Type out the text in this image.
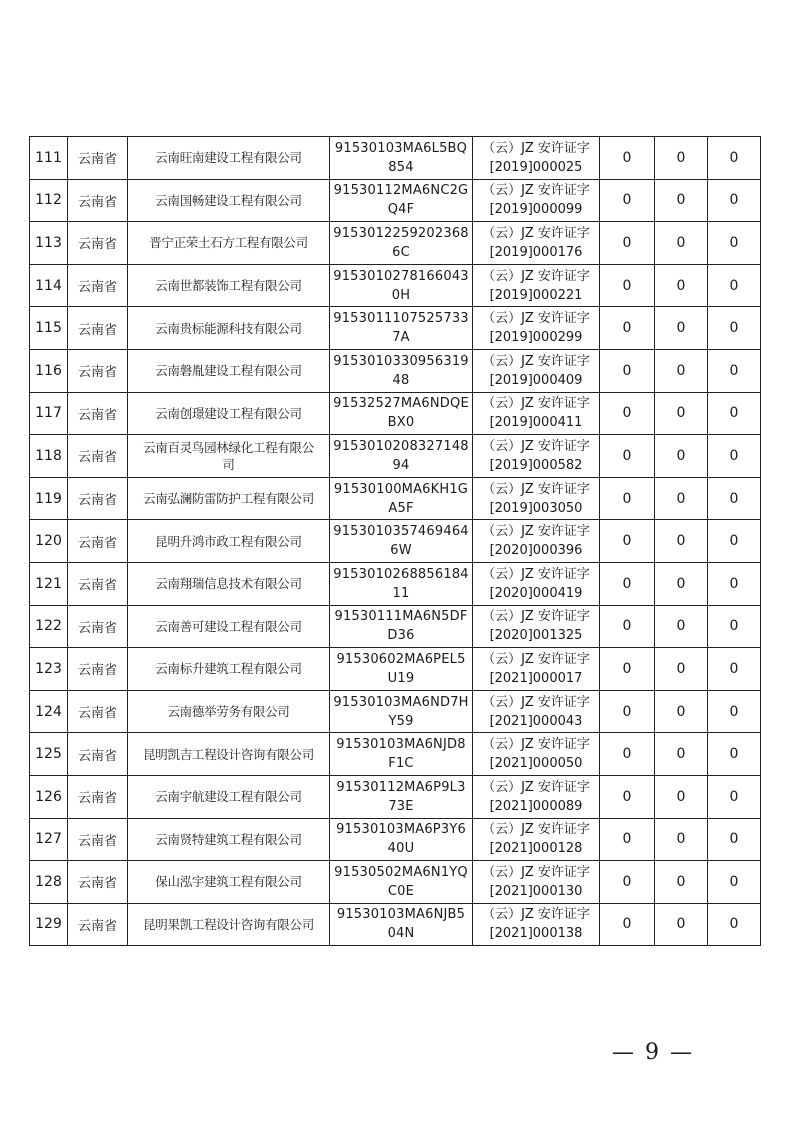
111	云南省	云南旺南建设工程有限公司	91530103MA6L5BQ
854	（云）JZ 安许证字
[2019]000025	0	0	0
112	云南省	云南国畅建设工程有限公司	91530112MA6NC2G
Q4F	（云）JZ 安许证字
[2019]000099	0	0	0
113	云南省	晋宁正荣土石方工程有限公司	9153012259202368
6C	（云）JZ 安许证字
[2019]000176	0	0	0
114	云南省	云南世都装饰工程有限公司	9153010278166043
0H	（云）JZ 安许证字
[2019]000221	0	0	0
115	云南省	云南贵标能源科技有限公司	9153011107525733
7A	（云）JZ 安许证字
[2019]000299	0	0	0
116	云南省	云南磐胤建设工程有限公司	9153010330956319
48	（云）JZ 安许证字
[2019]000409	0	0	0
117	云南省	云南创璟建设工程有限公司	91532527MA6NDQE
BX0	（云）JZ 安许证字
[2019]000411	0	0	0
118	云南省	云南百灵鸟园林绿化工程有限公
司	9153010208327148
94	（云）JZ 安许证字
[2019]000582	0	0	0
119	云南省	云南弘澜防雷防护工程有限公司	91530100MA6KH1G
A5F	（云）JZ 安许证字
[2019]003050	0	0	0
120	云南省	昆明升鸿市政工程有限公司	9153010357469464
6W	（云）JZ 安许证字
[2020]000396	0	0	0
121	云南省	云南翔瑞信息技术有限公司	9153010268856184
11	（云）JZ 安许证字
[2020]000419	0	0	0
122	云南省	云南善可建设工程有限公司	91530111MA6N5DF
D36	（云）JZ 安许证字
[2020]001325	0	0	0
123	云南省	云南标升建筑工程有限公司	91530602MA6PEL5
U19	（云）JZ 安许证字
[2021]000017	0	0	0
124	云南省	云南德举劳务有限公司	91530103MA6ND7H
Y59	（云）JZ 安许证字
[2021]000043	0	0	0
125	云南省	昆明凯吉工程设计咨询有限公司	91530103MA6NJD8
F1C	（云）JZ 安许证字
[2021]000050	0	0	0
126	云南省	云南宇航建设工程有限公司	91530112MA6P9L3
73E	（云）JZ 安许证字
[2021]000089	0	0	0
127	云南省	云南贤特建筑工程有限公司	91530103MA6P3Y6
40U	（云）JZ 安许证字
[2021]000128	0	0	0
128	云南省	保山泓宇建筑工程有限公司	91530502MA6N1YQ
C0E	（云）JZ 安许证字
[2021]000130	0	0	0
129	云南省	昆明果凯工程设计咨询有限公司	91530103MA6NJB5
04N	（云）JZ 安许证字
[2021]000138	0	0	0
— 9 —
